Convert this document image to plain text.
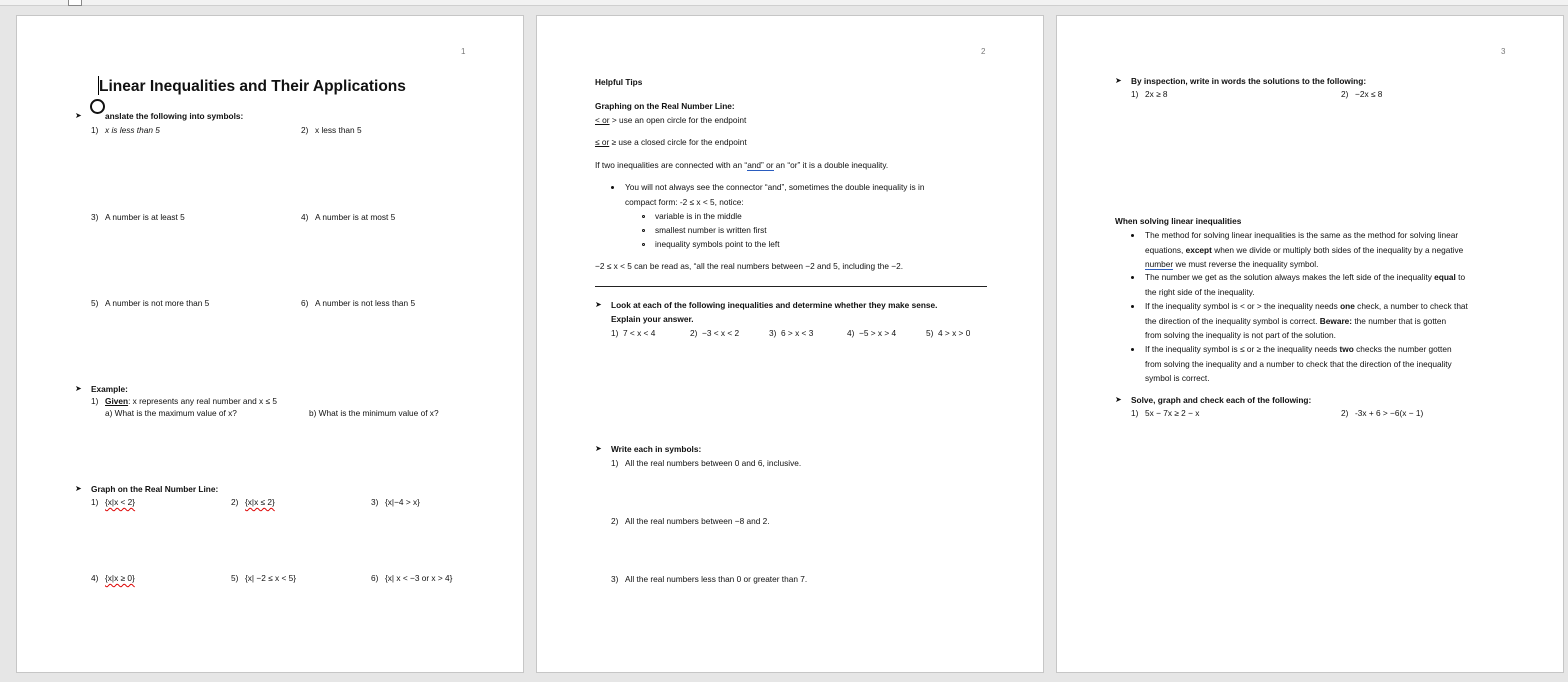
1
Linear Inequalities and Their Applications
➤	anslate the following into symbols:
1) x is less than 5	2) x less than 5
3) A number is at least 5	4) A number is at most 5
5) A number is not more than 5	6) A number is not less than 5
➤ Example:
1) Given: x represents any real number and x ≤ 5
a) What is the maximum value of x?	b) What is the minimum value of x?
➤ Graph on the Real Number Line:
1) {x|x < 2}	2) {x|x ≤ 2}	3) {x|−4 > x}
4) {x|x ≥ 0}	5) {x| −2 ≤ x < 5}	6) {x| x < −3 or x > 4}
2
Helpful Tips
Graphing on the Real Number Line:
< or > use an open circle for the endpoint
≤ or ≥ use a closed circle for the endpoint
If two inequalities are connected with an “and” or an “or” it is a double inequality.
You will not always see the connector “and”, sometimes the double inequality is in
compact form: -2 ≤ x < 5, notice:
variable is in the middle
smallest number is written first
inequality symbols point to the left
−2 ≤ x < 5 can be read as, “all the real numbers between −2 and 5, including the −2.
➤ Look at each of the following inequalities and determine whether they make sense.
Explain your answer.
1) 7 < x < 4	2) −3 < x < 2	3) 6 > x < 3	4) −5 > x > 4	5) 4 > x > 0
➤ Write each in symbols:
1) All the real numbers between 0 and 6, inclusive.
2) All the real numbers between −8 and 2.
3) All the real numbers less than 0 or greater than 7.
3
➤ By inspection, write in words the solutions to the following:
1) 2x ≥ 8	2) −2x ≤ 8
When solving linear inequalities
The method for solving linear inequalities is the same as the method for solving linear
equations, except when we divide or multiply both sides of the inequality by a negative
number we must reverse the inequality symbol.
The number we get as the solution always makes the left side of the inequality equal to
the right side of the inequality.
If the inequality symbol is < or > the inequality needs one check, a number to check that
the direction of the inequality symbol is correct. Beware: the number that is gotten
from solving the inequality is not part of the solution.
If the inequality symbol is ≤ or ≥ the inequality needs two checks the number gotten
from solving the inequality and a number to check that the direction of the inequality
symbol is correct.
➤ Solve, graph and check each of the following:
1) 5x − 7x ≥ 2 − x	2) -3x + 6 > −6(x − 1)
